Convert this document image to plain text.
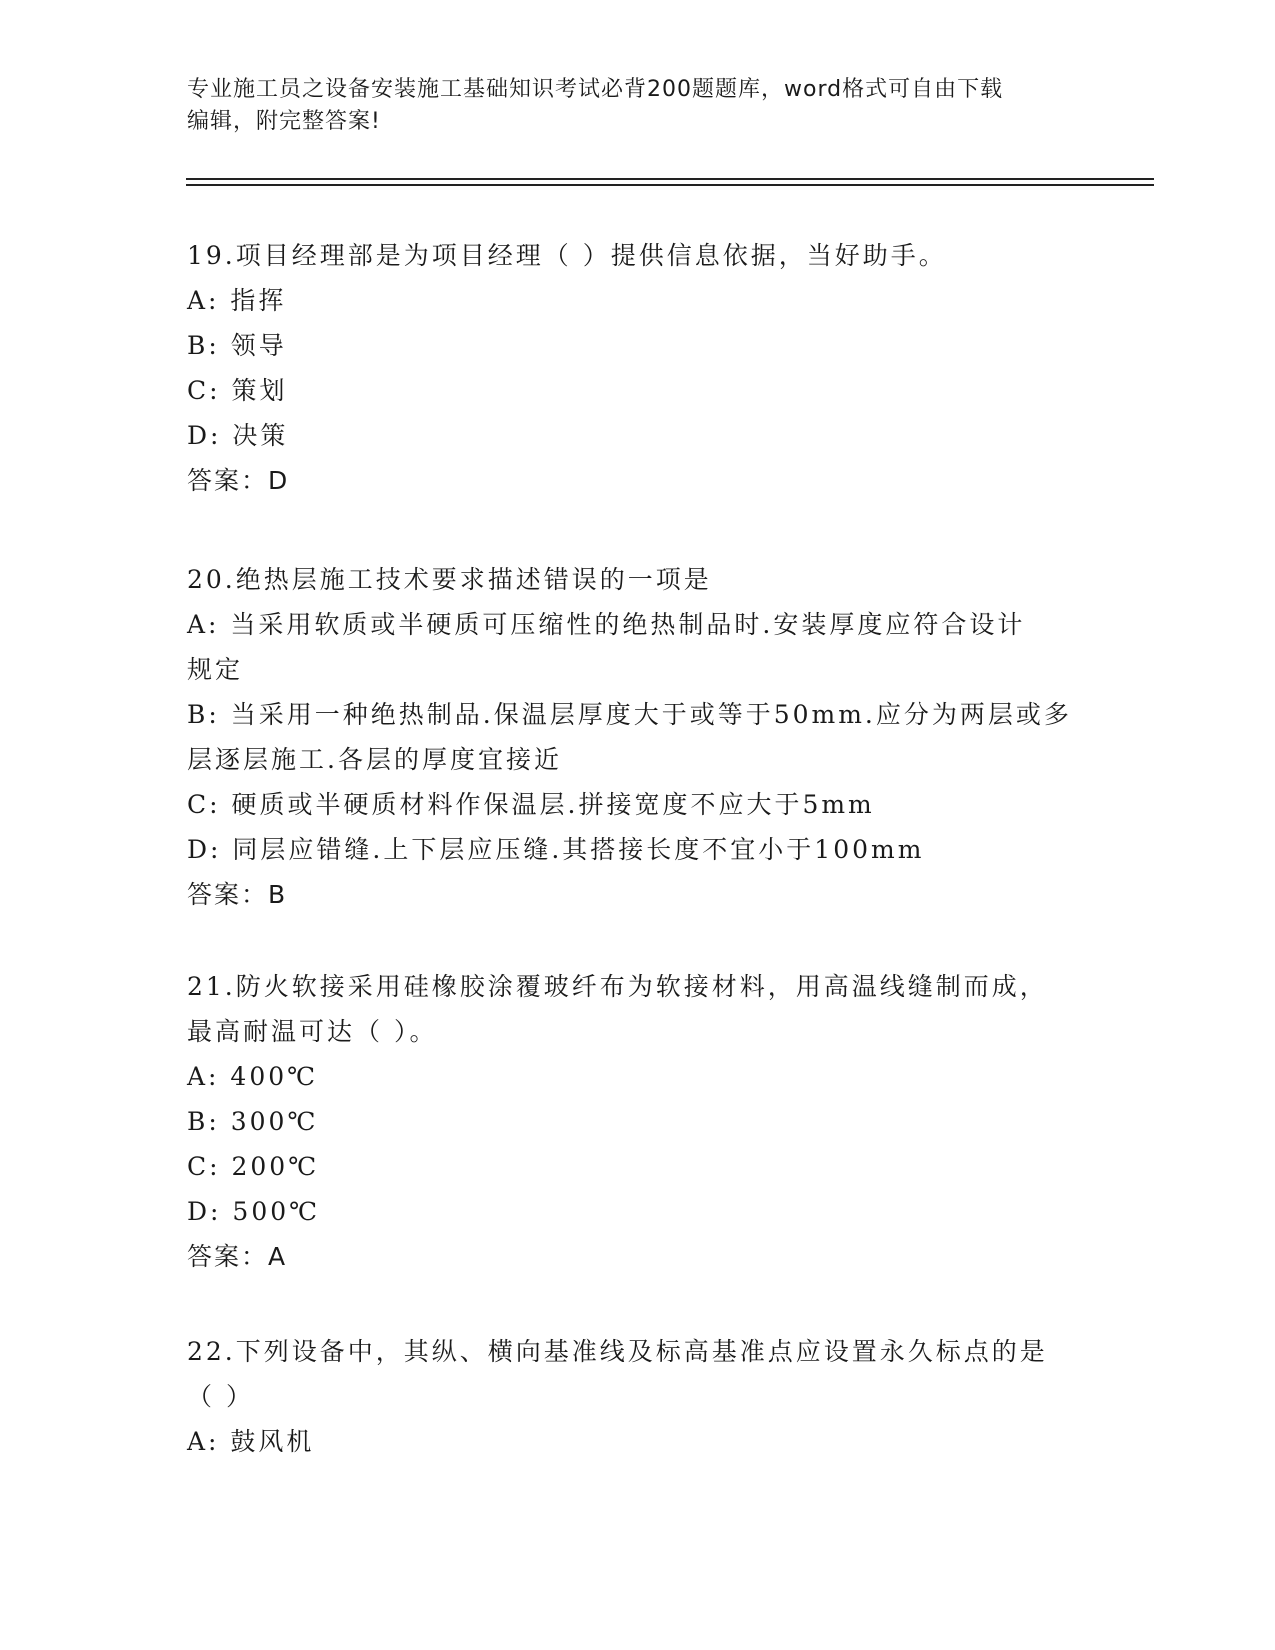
专业施工员之设备安装施工基础知识考试必背200题题库，word格式可自由下载
编辑，附完整答案!
19.项目经理部是为项目经理（ ）提供信息依据，当好助手。
A: 指挥
B: 领导
C: 策划
D: 决策
答案：D
20.绝热层施工技术要求描述错误的一项是
A: 当采用软质或半硬质可压缩性的绝热制品时.安装厚度应符合设计
规定
B: 当采用一种绝热制品.保温层厚度大于或等于50mm.应分为两层或多
层逐层施工.各层的厚度宜接近
C: 硬质或半硬质材料作保温层.拼接宽度不应大于5mm
D: 同层应错缝.上下层应压缝.其搭接长度不宜小于100mm
答案：B
21.防火软接采用硅橡胶涂覆玻纤布为软接材料，用高温线缝制而成，
最高耐温可达（ ）。
A: 400℃
B: 300℃
C: 200℃
D: 500℃
答案：A
22.下列设备中，其纵、横向基准线及标高基准点应设置永久标点的是
（ ）
A: 鼓风机
